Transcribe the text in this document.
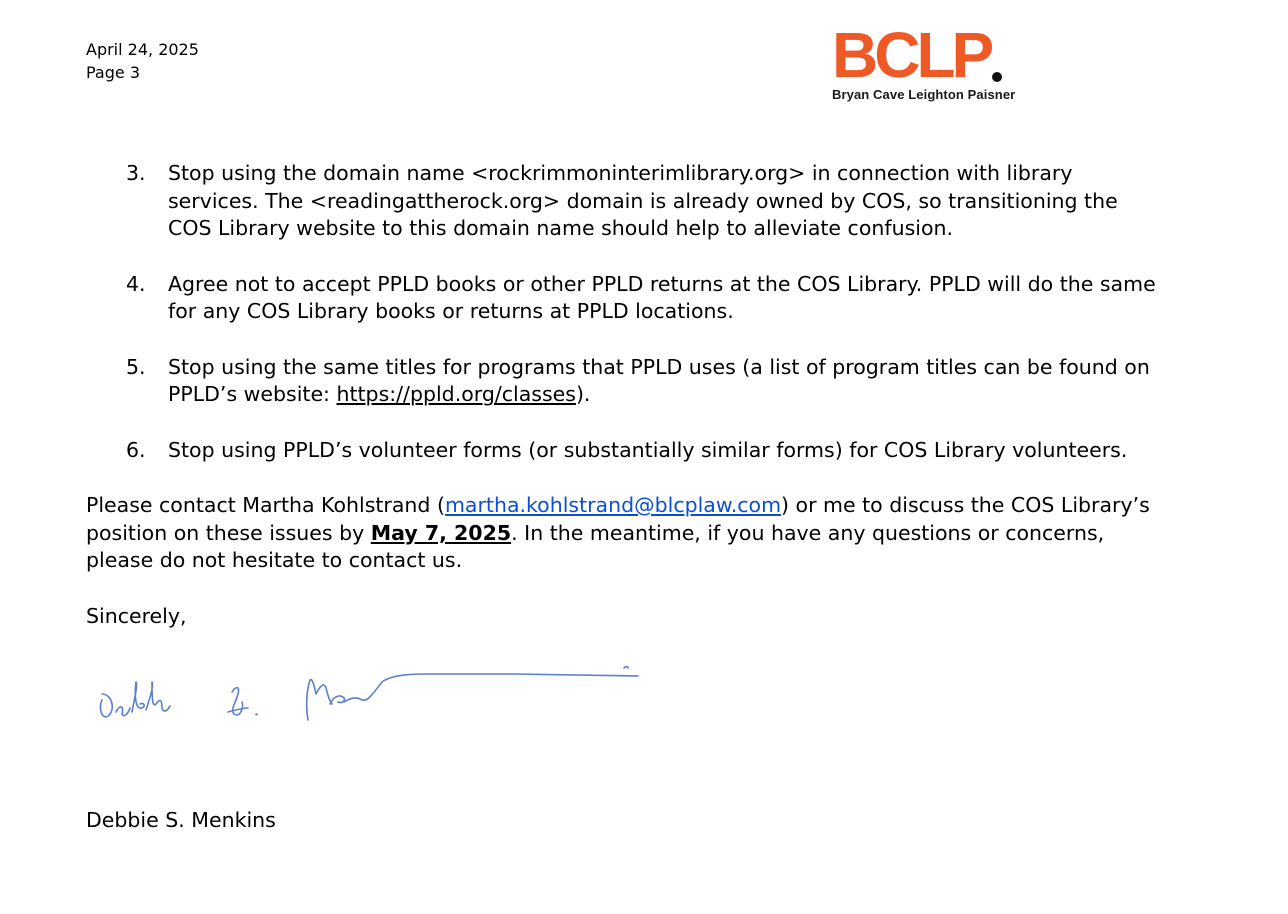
April 24, 2025
Page 3	BCLP
Bryan Cave Leighton Paisner
3.	Stop using the domain name <rockrimmoninterimlibrary.org> in connection with library services. The <readingattherock.org> domain is already owned by COS, so transitioning the COS Library website to this domain name should help to alleviate confusion.
4.	Agree not to accept PPLD books or other PPLD returns at the COS Library. PPLD will do the same for any COS Library books or returns at PPLD locations.
5.	Stop using the same titles for programs that PPLD uses (a list of program titles can be found on PPLD’s website: https://ppld.org/classes).
6.	Stop using PPLD’s volunteer forms (or substantially similar forms) for COS Library volunteers.
Please contact Martha Kohlstrand (martha.kohlstrand@blcplaw.com) or me to discuss the COS Library’s position on these issues by May 7, 2025. In the meantime, if you have any questions or concerns, please do not hesitate to contact us.
Sincerely,
Debbie S. Menkins
